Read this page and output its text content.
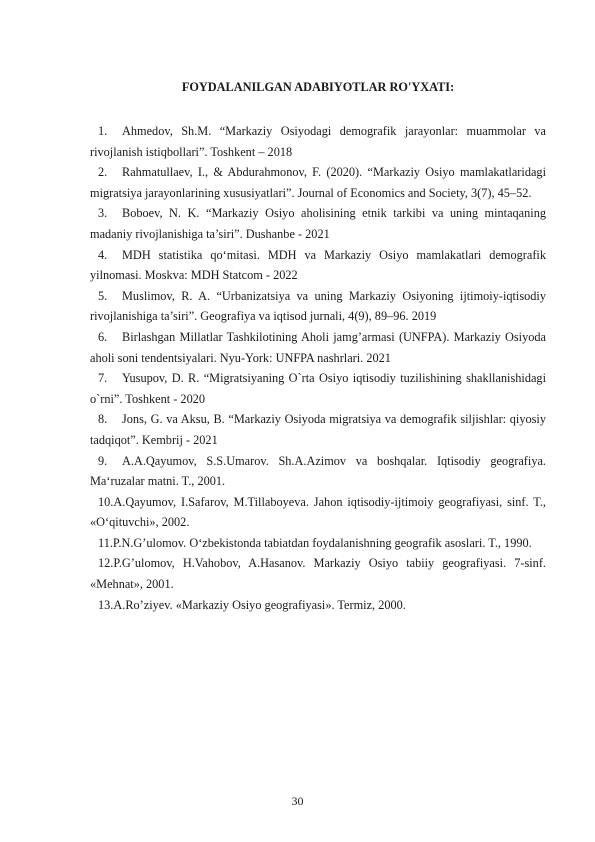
FOYDALANILGAN ADABIYOTLAR RO'YXATI:
1. Ahmedov, Sh.M. “Markaziy Osiyodagi demografik jarayonlar: muammolar va rivojlanish istiqbollari”. Toshkent – 2018
2. Rahmatullaev, I., & Abdurahmonov, F. (2020). “Markaziy Osiyo mamlakatlaridagi migratsiya jarayonlarining xususiyatlari”. Journal of Economics and Society, 3(7), 45–52.
3. Boboev, N. K. “Markaziy Osiyo aholisining etnik tarkibi va uning mintaqaning madaniy rivojlanishiga ta’siri”. Dushanbe - 2021
4. MDH statistika qo‘mitasi. MDH va Markaziy Osiyo mamlakatlari demografik yilnomasi. Moskva: MDH Statcom - 2022
5. Muslimov, R. A. “Urbanizatsiya va uning Markaziy Osiyoning ijtimoiy-iqtisodiy rivojlanishiga ta’siri”. Geografiya va iqtisod jurnali, 4(9), 89–96. 2019
6. Birlashgan Millatlar Tashkilotining Aholi jamg’armasi (UNFPA). Markaziy Osiyoda aholi soni tendentsiyalari. Nyu-York: UNFPA nashrlari. 2021
7. Yusupov, D. R. “Migratsiyaning O`rta Osiyo iqtisodiy tuzilishining shakllanishidagi o`rni”. Toshkent - 2020
8. Jons, G. va Aksu, B. “Markaziy Osiyoda migratsiya va demografik siljishlar: qiyosiy tadqiqot”. Kembrij - 2021
9. A.A.Qayumov, S.S.Umarov. Sh.A.Azimov va boshqalar. Iqtisodiy geografiya. Ma‘ruzalar matni. T., 2001.
10.A.Qayumov, I.Safarov, M.Tillaboyeva. Jahon iqtisodiy-ijtimoiy geografiyasi, sinf. T., «O‘qituvchi», 2002.
11.P.N.G’ulomov. O‘zbekistonda tabiatdan foydalanishning geografik asoslari. T., 1990.
12.P.G’ulomov, H.Vahobov, A.Hasanov. Markaziy Osiyo tabiiy geografiyasi. 7-sinf. «Mehnat», 2001.
13.A.Ro’ziyev. «Markaziy Osiyo geografiyasi». Termiz, 2000.
30
